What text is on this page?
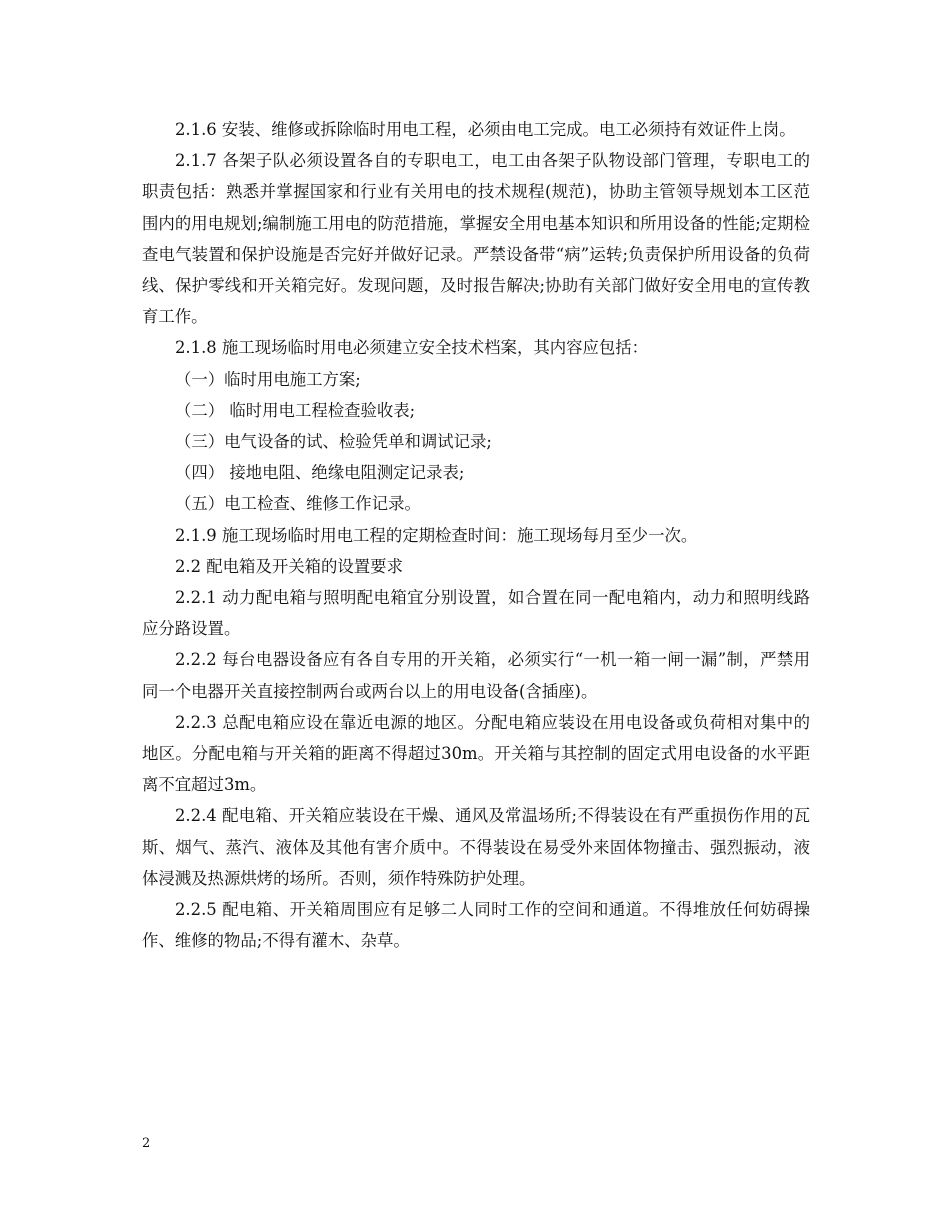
2.1.6 安装、维修或拆除临时用电工程，必须由电工完成。电工必须持有效证件上岗。

2.1.7 各架子队必须设置各自的专职电工，电工由各架子队物设部门管理，专职电工的职责包括：熟悉并掌握国家和行业有关用电的技术规程(规范)，协助主管领导规划本工区范围内的用电规划;编制施工用电的防范措施，掌握安全用电基本知识和所用设备的性能;定期检查电气装置和保护设施是否完好并做好记录。严禁设备带“病”运转;负责保护所用设备的负荷线、保护零线和开关箱完好。发现问题，及时报告解决;协助有关部门做好安全用电的宣传教育工作。

2.1.8 施工现场临时用电必须建立安全技术档案，其内容应包括：

（一）临时用电施工方案;

（二） 临时用电工程检查验收表;

（三）电气设备的试、检验凭单和调试记录;

（四） 接地电阻、绝缘电阻测定记录表;

（五）电工检查、维修工作记录。

2.1.9 施工现场临时用电工程的定期检查时间：施工现场每月至少一次。

2.2 配电箱及开关箱的设置要求

2.2.1 动力配电箱与照明配电箱宜分别设置，如合置在同一配电箱内，动力和照明线路应分路设置。

2.2.2 每台电器设备应有各自专用的开关箱，必须实行“一机一箱一闸一漏”制，严禁用同一个电器开关直接控制两台或两台以上的用电设备(含插座)。

2.2.3 总配电箱应设在靠近电源的地区。分配电箱应装设在用电设备或负荷相对集中的地区。分配电箱与开关箱的距离不得超过30m。开关箱与其控制的固定式用电设备的水平距离不宜超过3m。

2.2.4 配电箱、开关箱应装设在干燥、通风及常温场所;不得装设在有严重损伤作用的瓦斯、烟气、蒸汽、液体及其他有害介质中。不得装设在易受外来固体物撞击、强烈振动，液体浸溅及热源烘烤的场所。否则，须作特殊防护处理。

2.2.5 配电箱、开关箱周围应有足够二人同时工作的空间和通道。不得堆放任何妨碍操作、维修的物品;不得有灌木、杂草。

2
